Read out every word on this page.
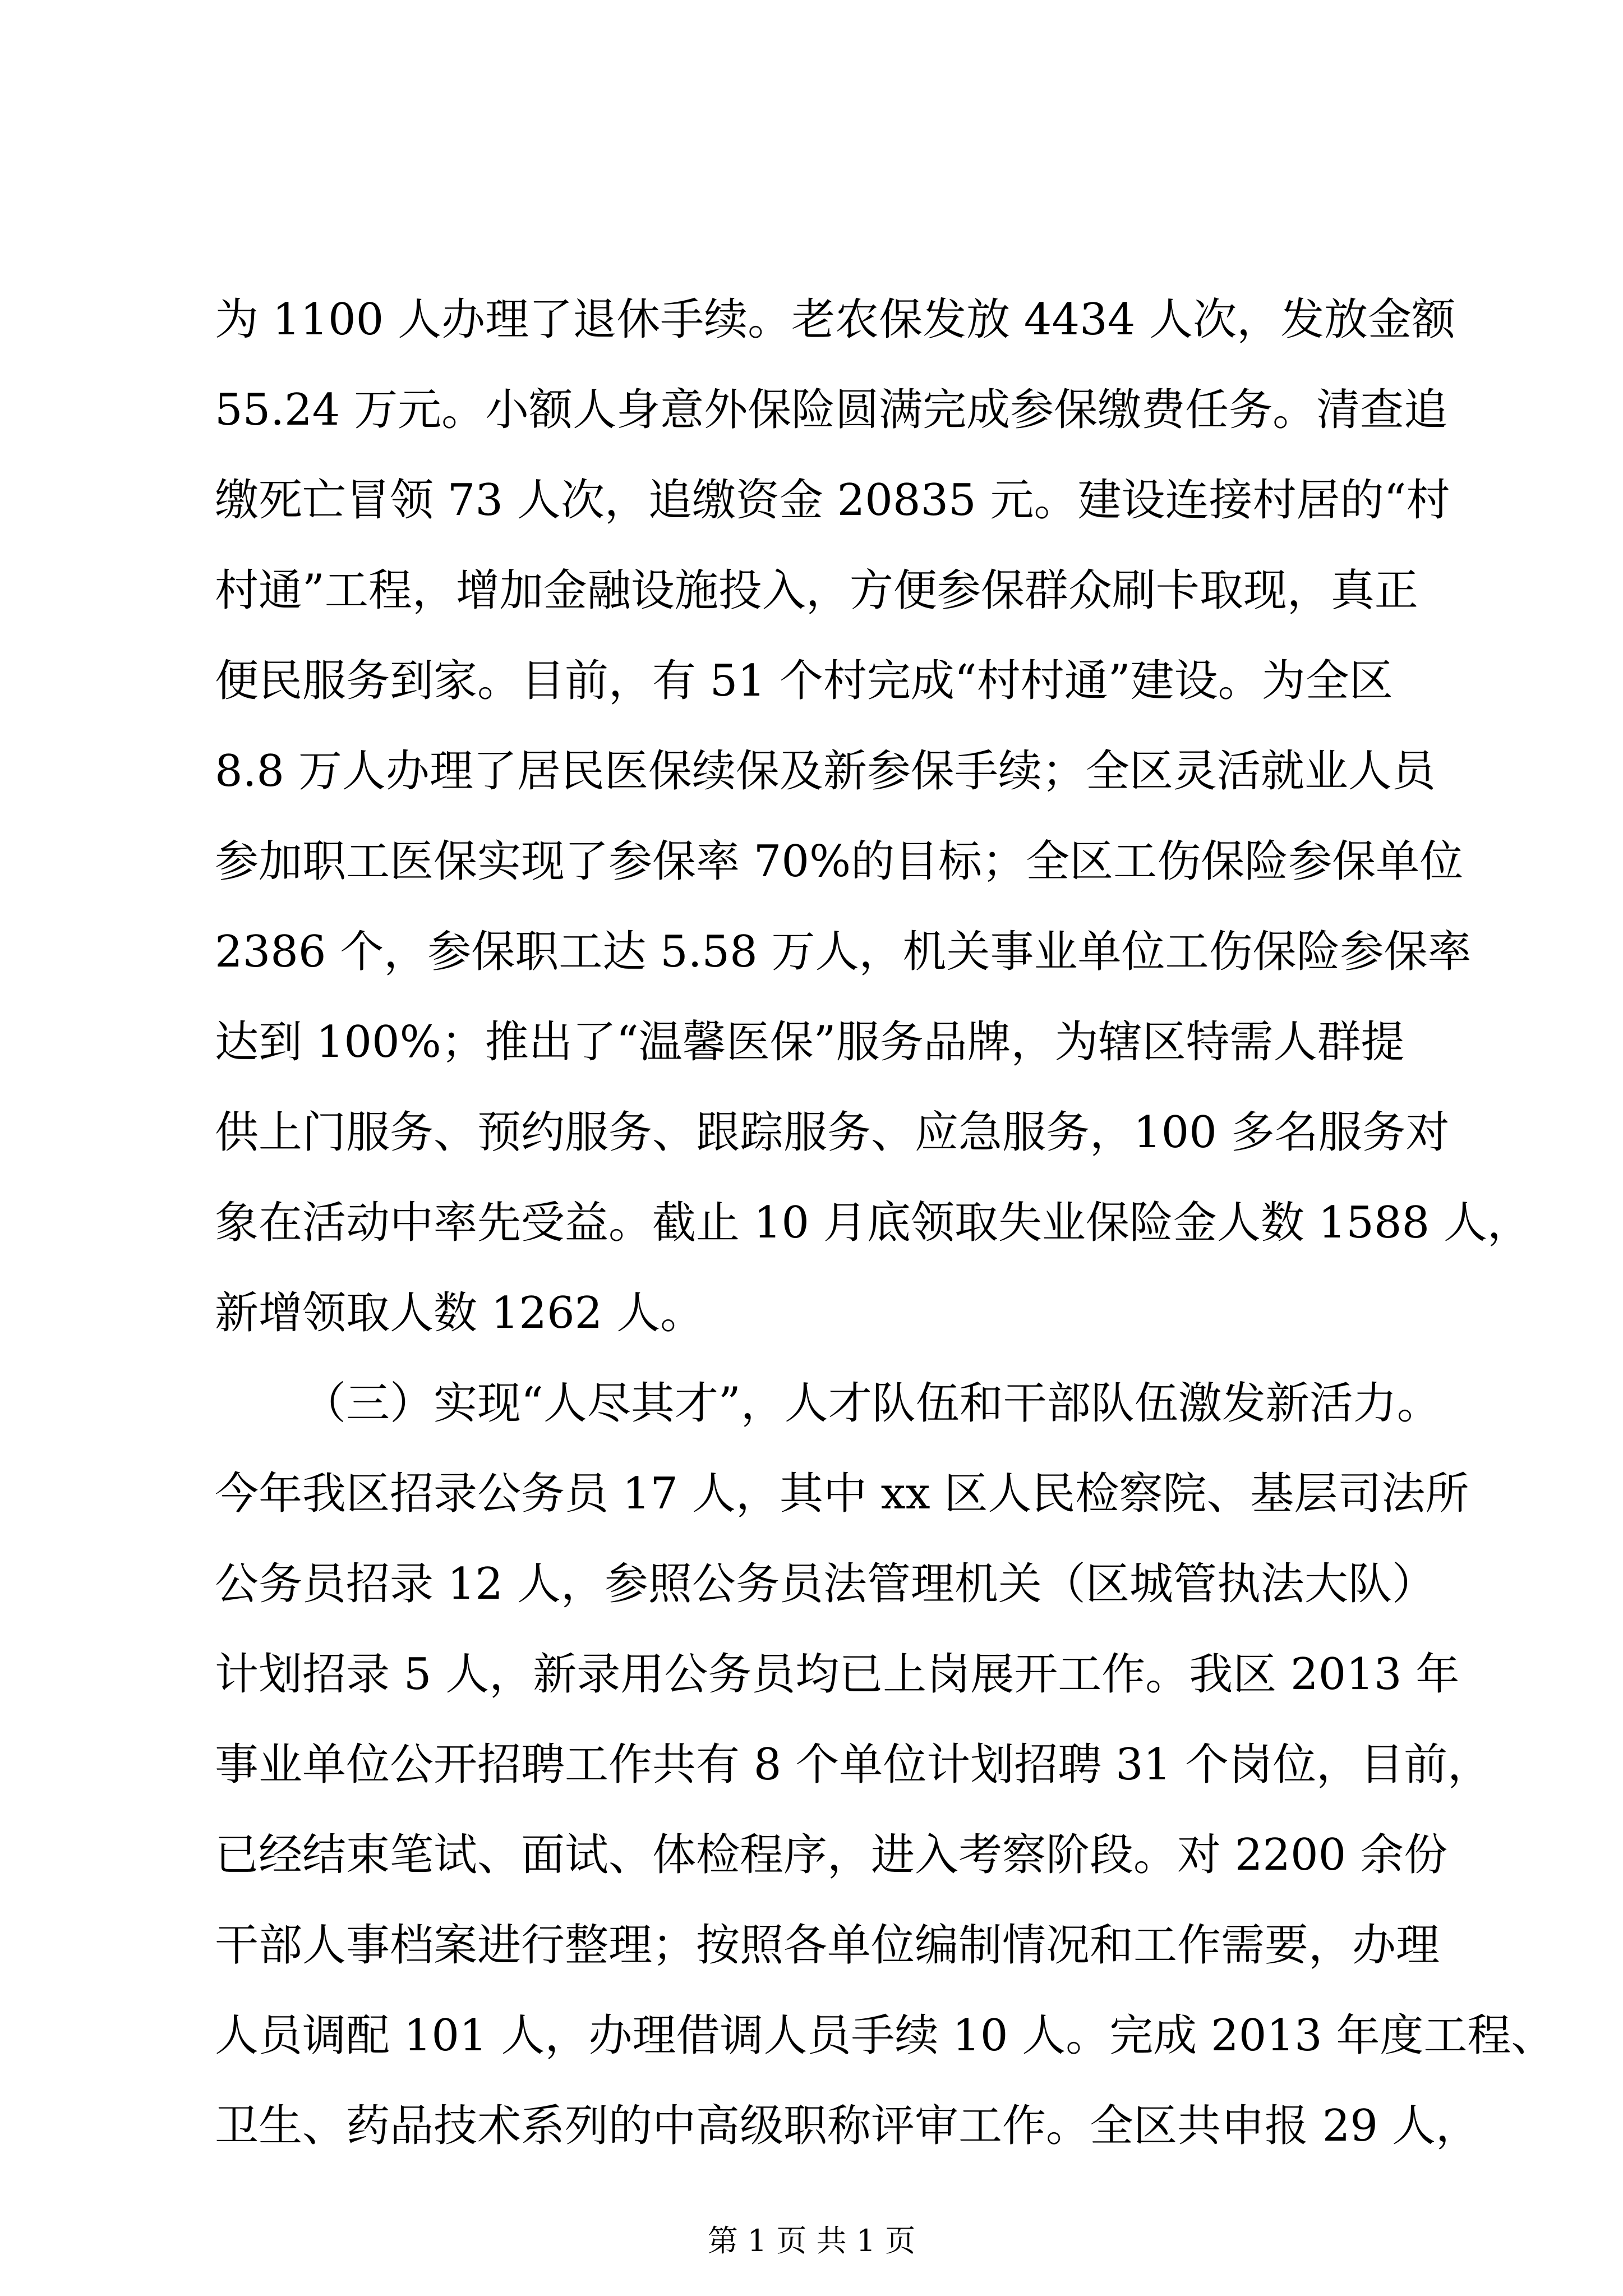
为 1100 人办理了退休手续。老农保发放 4434 人次，发放金额
55.24 万元。小额人身意外保险圆满完成参保缴费任务。清查追
缴死亡冒领 73 人次，追缴资金 20835 元。建设连接村居的“村
村通”工程，增加金融设施投入，方便参保群众刷卡取现，真正
便民服务到家。目前，有 51 个村完成“村村通”建设。为全区
8.8 万人办理了居民医保续保及新参保手续；全区灵活就业人员
参加职工医保实现了参保率 70%的目标；全区工伤保险参保单位
2386 个，参保职工达 5.58 万人，机关事业单位工伤保险参保率
达到 100%；推出了“温馨医保”服务品牌，为辖区特需人群提
供上门服务、预约服务、跟踪服务、应急服务，100 多名服务对
象在活动中率先受益。截止 10 月底领取失业保险金人数 1588 人，
新增领取人数 1262 人。
（三）实现“人尽其才”，人才队伍和干部队伍激发新活力。
今年我区招录公务员 17 人，其中 xx 区人民检察院、基层司法所
公务员招录 12 人，参照公务员法管理机关（区城管执法大队）
计划招录 5 人，新录用公务员均已上岗展开工作。我区 2013 年
事业单位公开招聘工作共有 8 个单位计划招聘 31 个岗位，目前，
已经结束笔试、面试、体检程序，进入考察阶段。对 2200 余份
干部人事档案进行整理；按照各单位编制情况和工作需要，办理
人员调配 101 人，办理借调人员手续 10 人。完成 2013 年度工程、
卫生、药品技术系列的中高级职称评审工作。全区共申报 29 人，
第 1 页 共 1 页
